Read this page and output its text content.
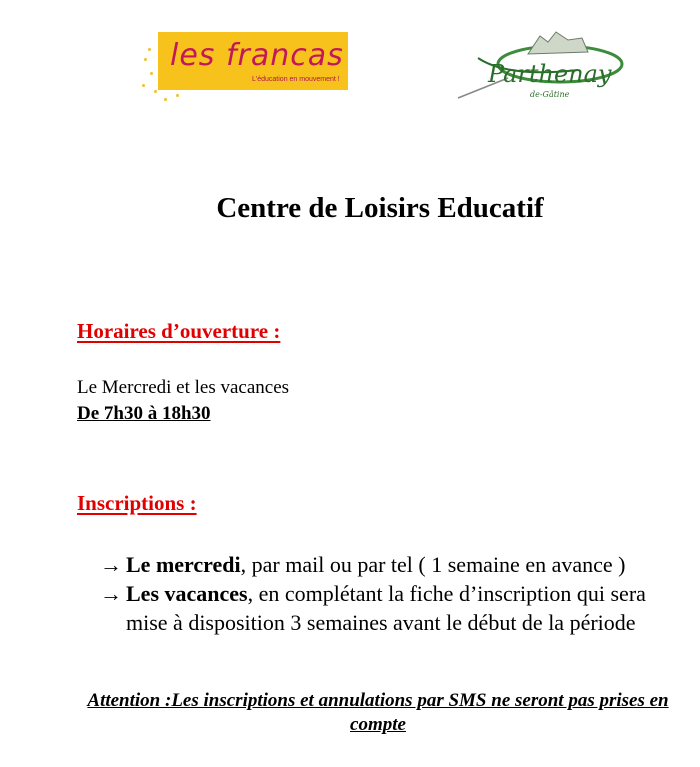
les francas
L'éducation en mouvement !	Parthenay
de-Gâtine
Centre de Loisirs Educatif
Horaires d’ouverture :
Le Mercredi et les vacances
De 7h30 à 18h30
Inscriptions :
→ Le mercredi, par mail ou par tel ( 1 semaine en avance )
→ Les vacances, en complétant la fiche d’inscription qui sera mise à disposition 3 semaines avant le début de la période
Attention :Les inscriptions et annulations par SMS ne seront pas prises en compte
